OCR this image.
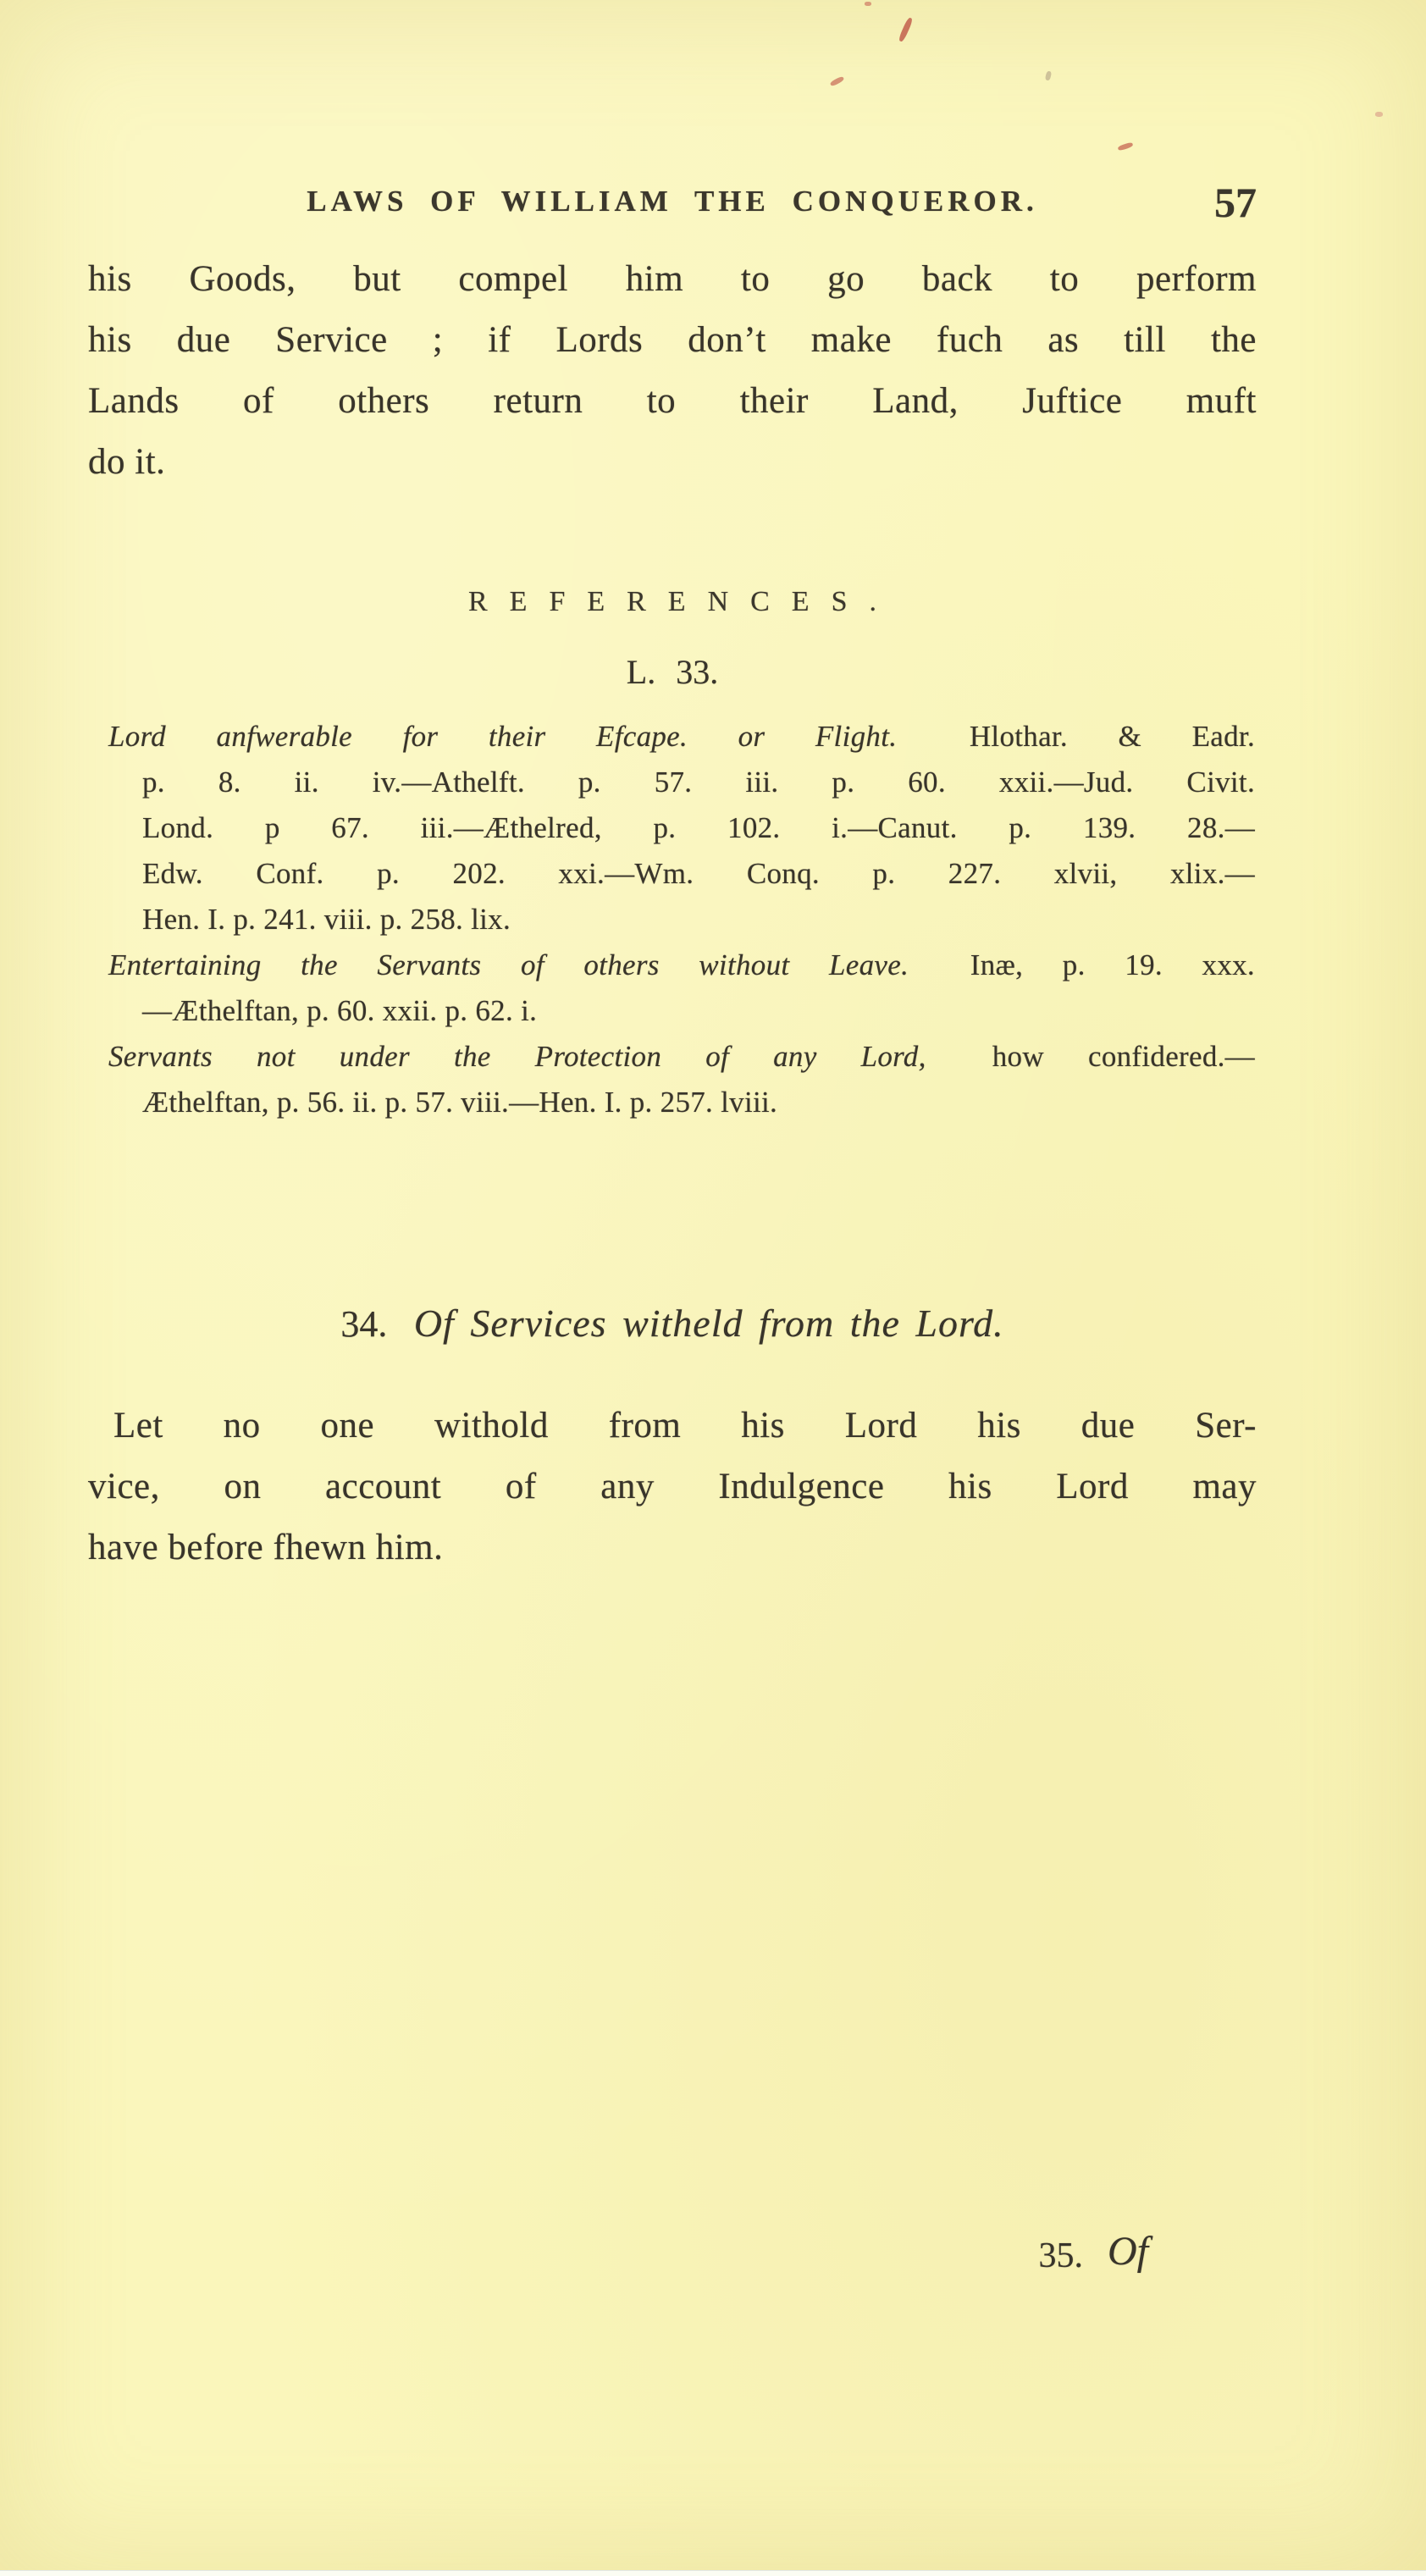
LAWS OF WILLIAM THE CONQUEROR.	57
his Goods, but compel him to go back to perform
his due Service ; if Lords don’t make fuch as till the
Lands of others return to their Land, Juftice muft
do it.
REFERENCES.
L. 33.
Lord anfwerable for their Efcape. or Flight. Hlothar. & Eadr.
p. 8. ii. iv.—Athelft. p. 57. iii. p. 60. xxii.—Jud. Civit.
Lond. p 67. iii.—Æthelred, p. 102. i.—Canut. p. 139. 28.—
Edw. Conf. p. 202. xxi.—Wm. Conq. p. 227. xlvii, xlix.—
Hen. I. p. 241. viii. p. 258. lix.
Entertaining the Servants of others without Leave. Inæ, p. 19. xxx.
—Æthelftan, p. 60. xxii. p. 62. i.
Servants not under the Protection of any Lord, how confidered.—
Æthelftan, p. 56. ii. p. 57. viii.—Hen. I. p. 257. lviii.
34. Of Services witheld from the Lord.
Let no one withold from his Lord his due Ser-
vice, on account of any Indulgence his Lord may
have before fhewn him.
35. Of
